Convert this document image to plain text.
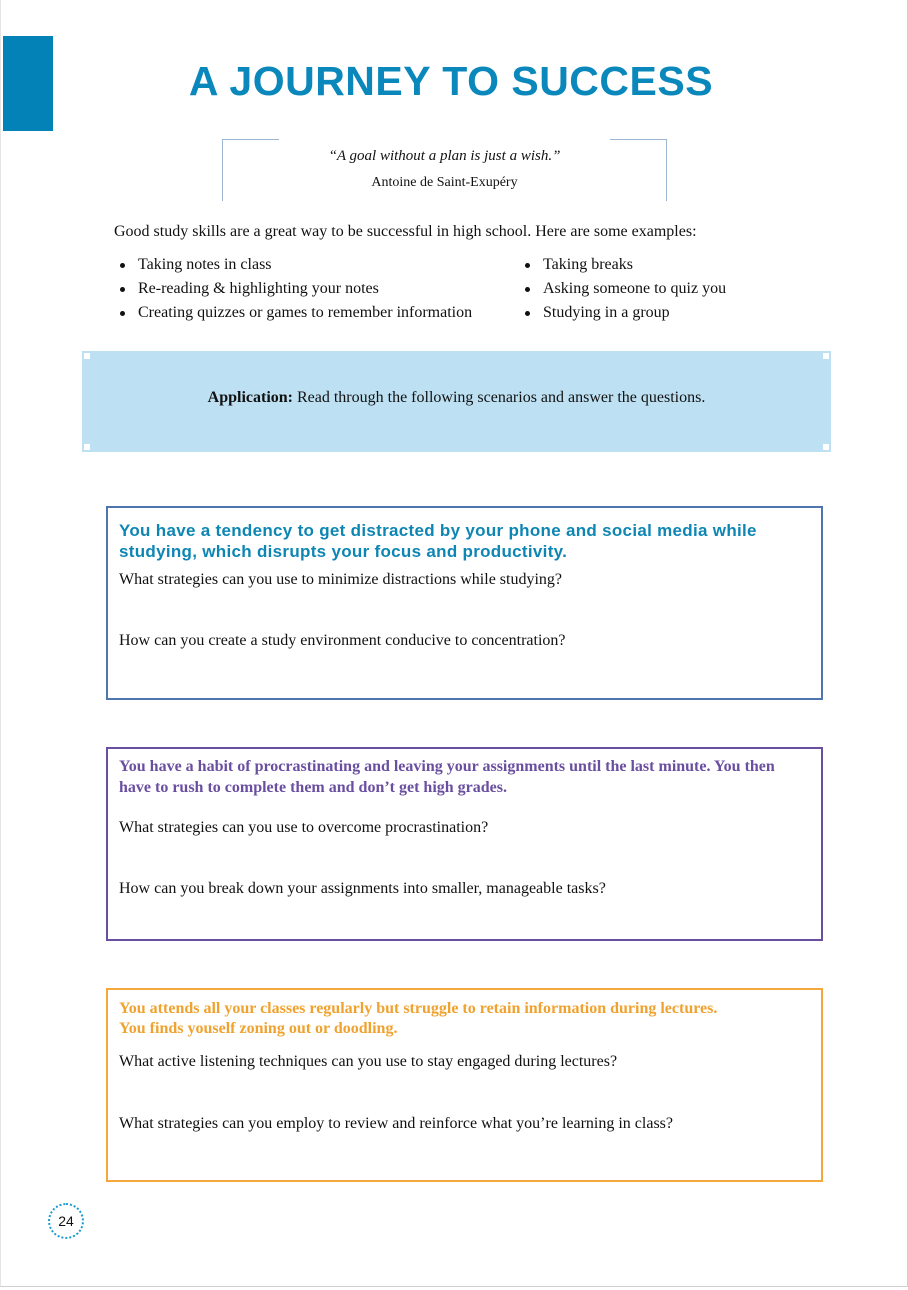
A JOURNEY TO SUCCESS
“A goal without a plan is just a wish.”
Antoine de Saint-Exupéry
Good study skills are a great way to be successful in high school. Here are some examples:
Taking notes in class
Re-reading & highlighting your notes
Creating quizzes or games to remember information
Taking breaks
Asking someone to quiz you
Studying in a group
Application: Read through the following scenarios and answer the questions.
You have a tendency to get distracted by your phone and social media while studying, which disrupts your focus and productivity.
What strategies can you use to minimize distractions while studying?
How can you create a study environment conducive to concentration?
You have a habit of procrastinating and leaving your assignments until the last minute. You then have to rush to complete them and don’t get high grades.
What strategies can you use to overcome procrastination?
How can you break down your assignments into smaller, manageable tasks?
You attends all your classes regularly but struggle to retain information during lectures.
You finds youself zoning out or doodling.
What active listening techniques can you use to stay engaged during lectures?
What strategies can you employ to review and reinforce what you’re learning in class?
24
